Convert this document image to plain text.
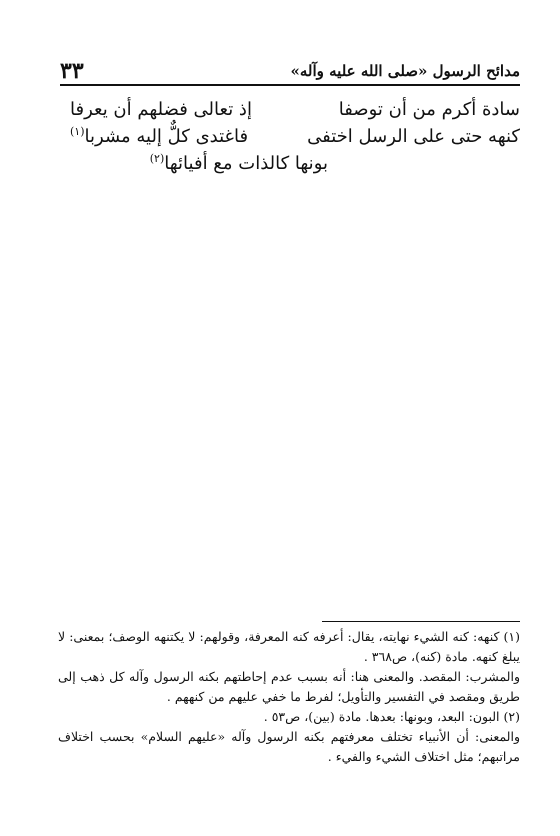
٣٣	مدائح الرسول «صلى الله عليه وآله»
سادة أكرم من أن توصفا
إذ تعالى فضلهم أن يعرفا
كنهه حتى على الرسل اختفى
فاغتدى كلٌّ إليه مشربا$^{(١)}$
بونها كالذات مع أفيائها$^{(٢)}$

(١) كنهه: كنه الشيء نهايته، يقال: أعرفه كنه المعرفة، وقولهم: لا يكتنهه الوصف؛ بمعنى: لا يبلغ كنهه. مادة (كنه)، ص٣٦٨ .

والمشرب: المقصد. والمعنى هنا: أنه بسبب عدم إحاطتهم بكنه الرسول وآله كل ذهب إلى طريق ومقصد في التفسير والتأويل؛ لفرط ما خفي عليهم من كنههم .

(٢) البون: البعد، وبونها: بعدها. مادة (بين)، ص٥٣ .

والمعنى: أن الأنبياء تختلف معرفتهم بكنه الرسول وآله «عليهم السلام» بحسب اختلاف مراتبهم؛ مثل اختلاف الشيء والفيء .
